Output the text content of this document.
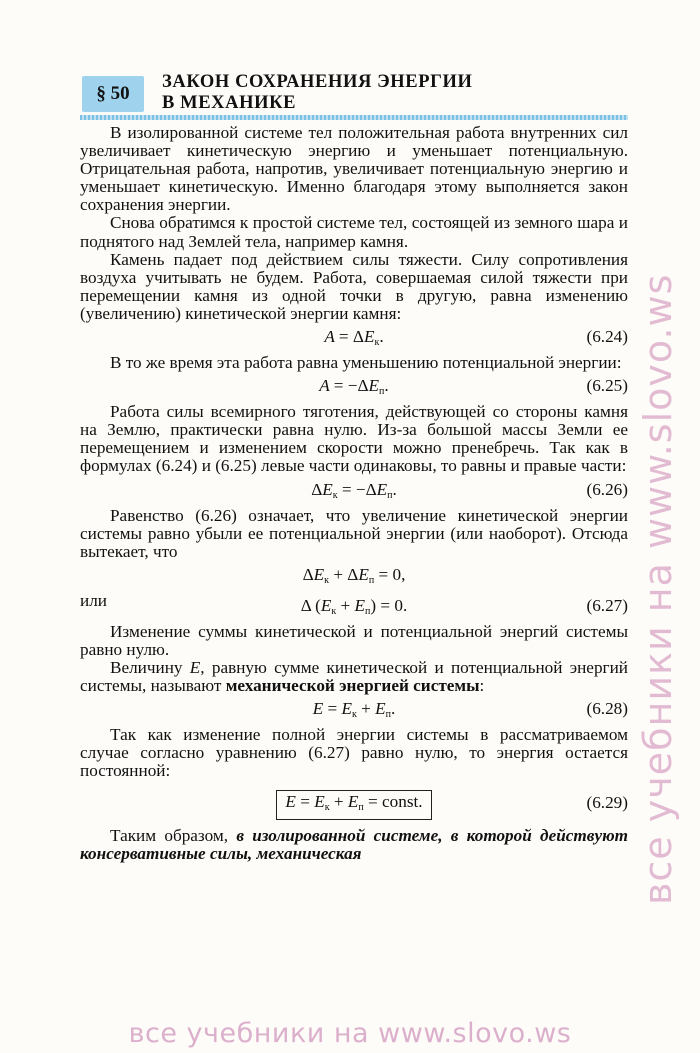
§ 50
ЗАКОН СОХРАНЕНИЯ ЭНЕРГИИ
В МЕХАНИКЕ

В изолированной системе тел положительная работа внутренних сил увеличивает кинетическую энергию и уменьшает потенциальную. Отрицательная работа, напротив, увеличивает потенциальную энергию и уменьшает кинетическую. Именно благодаря этому выполняется закон сохранения энергии.

Снова обратимся к простой системе тел, состоящей из земного шара и поднятого над Землей тела, например камня.

Камень падает под действием силы тяжести. Силу сопротивления воздуха учитывать не будем. Работа, совершаемая силой тяжести при перемещении камня из одной точки в другую, равна изменению (увеличению) кинетической энергии камня:

$A = \Delta E_к$.	(6.24)

В то же время эта работа равна уменьшению потенциальной энергии:

$A = -\Delta E_п$.	(6.25)

Работа силы всемирного тяготения, действующей со стороны камня на Землю, практически равна нулю. Из-за большой массы Земли ее перемещением и изменением скорости можно пренебречь. Так как в формулах (6.24) и (6.25) левые части одинаковы, то равны и правые части:

$\Delta E_к = -\Delta E_п$.	(6.26)

Равенство (6.26) означает, что увеличение кинетической энергии системы равно убыли ее потенциальной энергии (или наоборот). Отсюда вытекает, что

$\Delta E_к + \Delta E_п = 0$,

или	Δ $(E_к + E_п) = 0$.	(6.27)

Изменение суммы кинетической и потенциальной энергий системы равно нулю.

Величину E, равную сумме кинетической и потенциальной энергий системы, называют механической энергией системы:

$E = E_к + E_п$.	(6.28)

Так как изменение полной энергии системы в рассматриваемом случае согласно уравнению (6.27) равно нулю, то энергия остается постоянной:

$E = E_к + E_п$ = const.	(6.29)

Таким образом, в изолированной системе, в которой действуют консервативные силы, механическая	все учебники на www.slovo.ws
все учебники на www.slovo.ws
